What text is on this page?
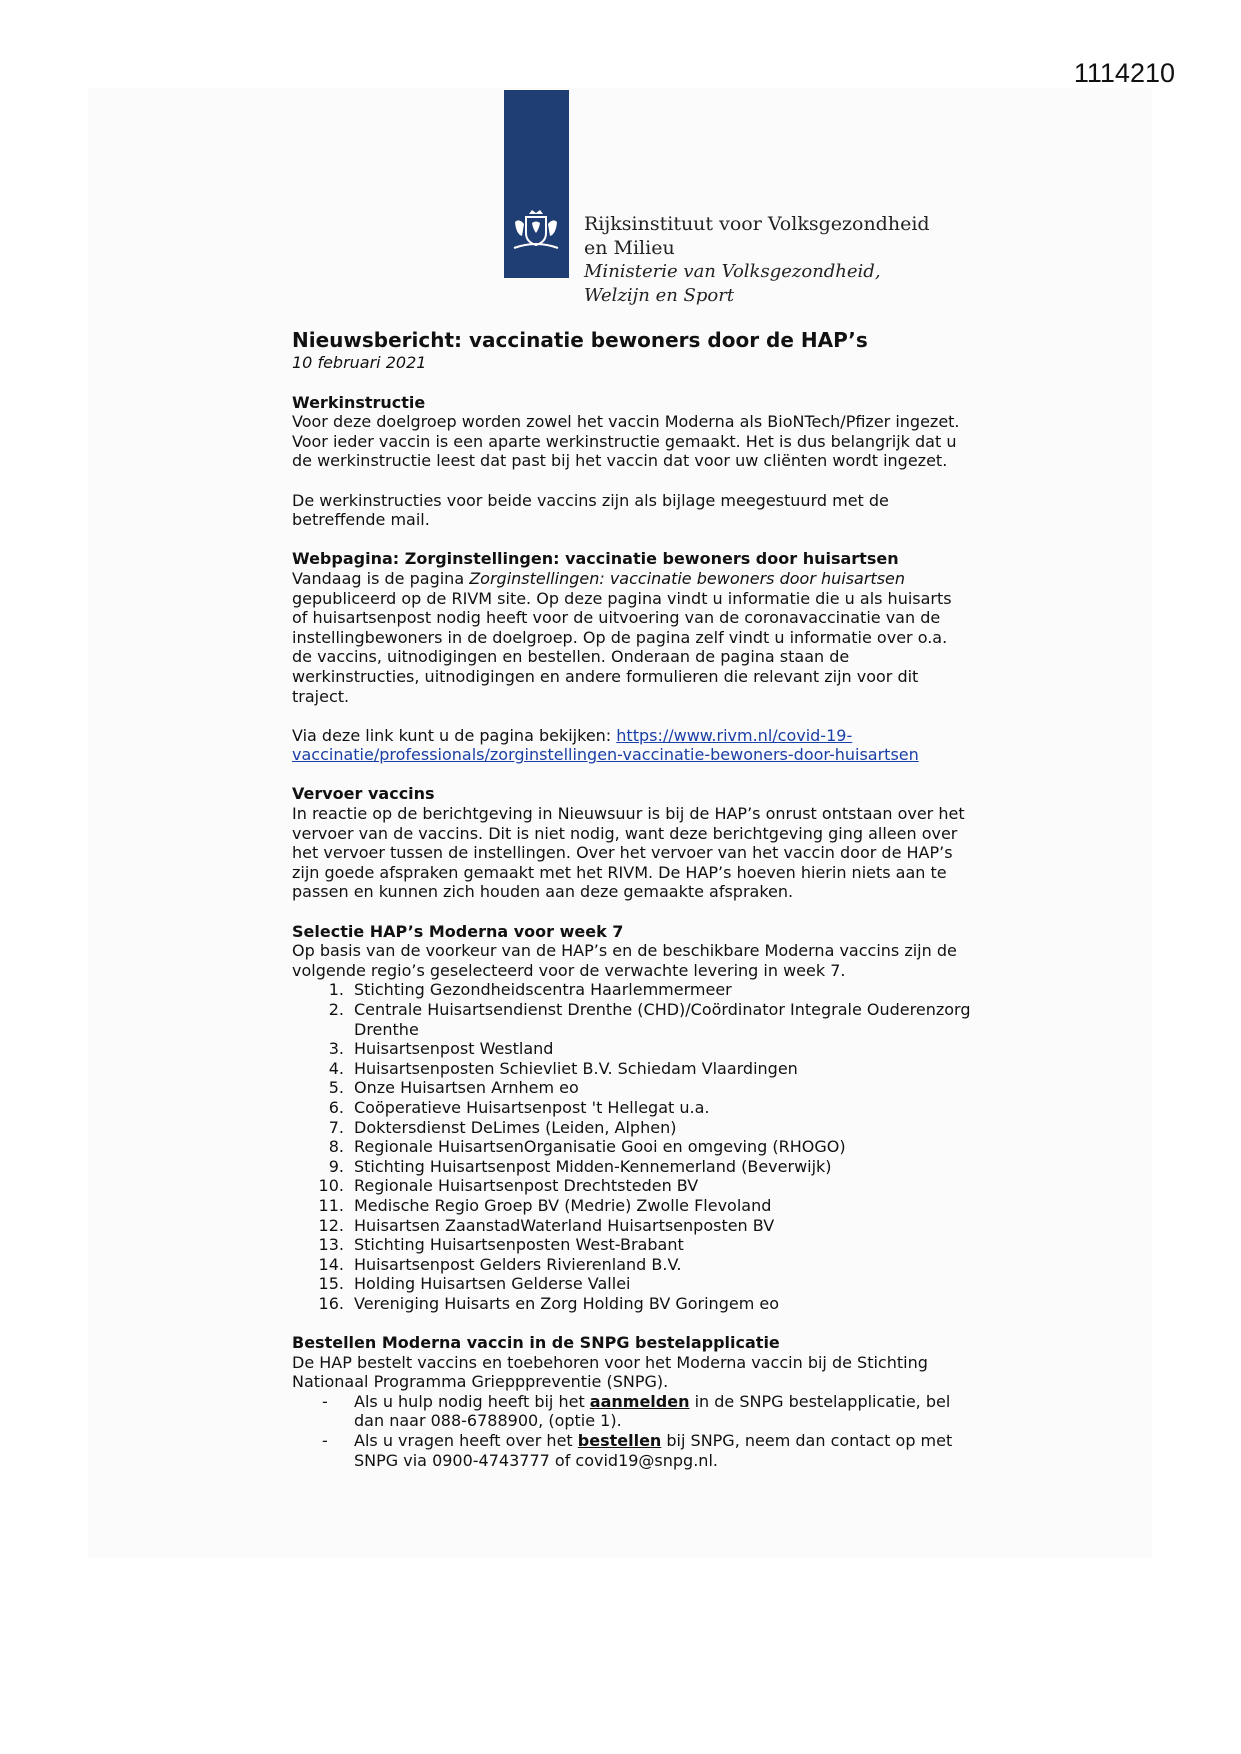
1114210
Rijksinstituut voor Volksgezondheid
en Milieu
Ministerie van Volksgezondheid,
Welzijn en Sport
Nieuwsbericht: vaccinatie bewoners door de HAP’s

10 februari 2021

Werkinstructie

Voor deze doelgroep worden zowel het vaccin Moderna als BioNTech/Pfizer ingezet. Voor ieder vaccin is een aparte werkinstructie gemaakt. Het is dus belangrijk dat u de werkinstructie leest dat past bij het vaccin dat voor uw cliënten wordt ingezet.

De werkinstructies voor beide vaccins zijn als bijlage meegestuurd met de betreffende mail.

Webpagina: Zorginstellingen: vaccinatie bewoners door huisartsen

Vandaag is de pagina Zorginstellingen: vaccinatie bewoners door huisartsen gepubliceerd op de RIVM site. Op deze pagina vindt u informatie die u als huisarts of huisartsenpost nodig heeft voor de uitvoering van de coronavaccinatie van de instellingbewoners in de doelgroep. Op de pagina zelf vindt u informatie over o.a. de vaccins, uitnodigingen en bestellen. Onderaan de pagina staan de werkinstructies, uitnodigingen en andere formulieren die relevant zijn voor dit traject.

Via deze link kunt u de pagina bekijken: https://www.rivm.nl/covid-19-
vaccinatie/professionals/zorginstellingen-vaccinatie-bewoners-door-huisartsen

Vervoer vaccins

In reactie op de berichtgeving in Nieuwsuur is bij de HAP’s onrust ontstaan over het vervoer van de vaccins. Dit is niet nodig, want deze berichtgeving ging alleen over het vervoer tussen de instellingen. Over het vervoer van het vaccin door de HAP’s zijn goede afspraken gemaakt met het RIVM. De HAP’s hoeven hierin niets aan te passen en kunnen zich houden aan deze gemaakte afspraken.

Selectie HAP’s Moderna voor week 7

Op basis van de voorkeur van de HAP’s en de beschikbare Moderna vaccins zijn de volgende regio’s geselecteerd voor de verwachte levering in week 7.

1. Stichting Gezondheidscentra Haarlemmermeer
2. Centrale Huisartsendienst Drenthe (CHD)/Coördinator Integrale Ouderenzorg Drenthe
3. Huisartsenpost Westland
4. Huisartsenposten Schievliet B.V. Schiedam Vlaardingen
5. Onze Huisartsen Arnhem eo
6. Coöperatieve Huisartsenpost 't Hellegat u.a.
7. Doktersdienst DeLimes (Leiden, Alphen)
8. Regionale HuisartsenOrganisatie Gooi en omgeving (RHOGO)
9. Stichting Huisartsenpost Midden-Kennemerland (Beverwijk)
10. Regionale Huisartsenpost Drechtsteden BV
11. Medische Regio Groep BV (Medrie) Zwolle Flevoland
12. Huisartsen ZaanstadWaterland Huisartsenposten BV
13. Stichting Huisartsenposten West-Brabant
14. Huisartsenpost Gelders Rivierenland B.V.
15. Holding Huisartsen Gelderse Vallei
16. Vereniging Huisarts en Zorg Holding BV Goringem eo
Bestellen Moderna vaccin in de SNPG bestelapplicatie

De HAP bestelt vaccins en toebehoren voor het Moderna vaccin bij de Stichting Nationaal Programma Griepppreventie (SNPG).

-	Als u hulp nodig heeft bij het aanmelden in de SNPG bestelapplicatie, bel dan naar 088-6788900, (optie 1).
-	Als u vragen heeft over het bestellen bij SNPG, neem dan contact op met SNPG via 0900-4743777 of covid19@snpg.nl.
